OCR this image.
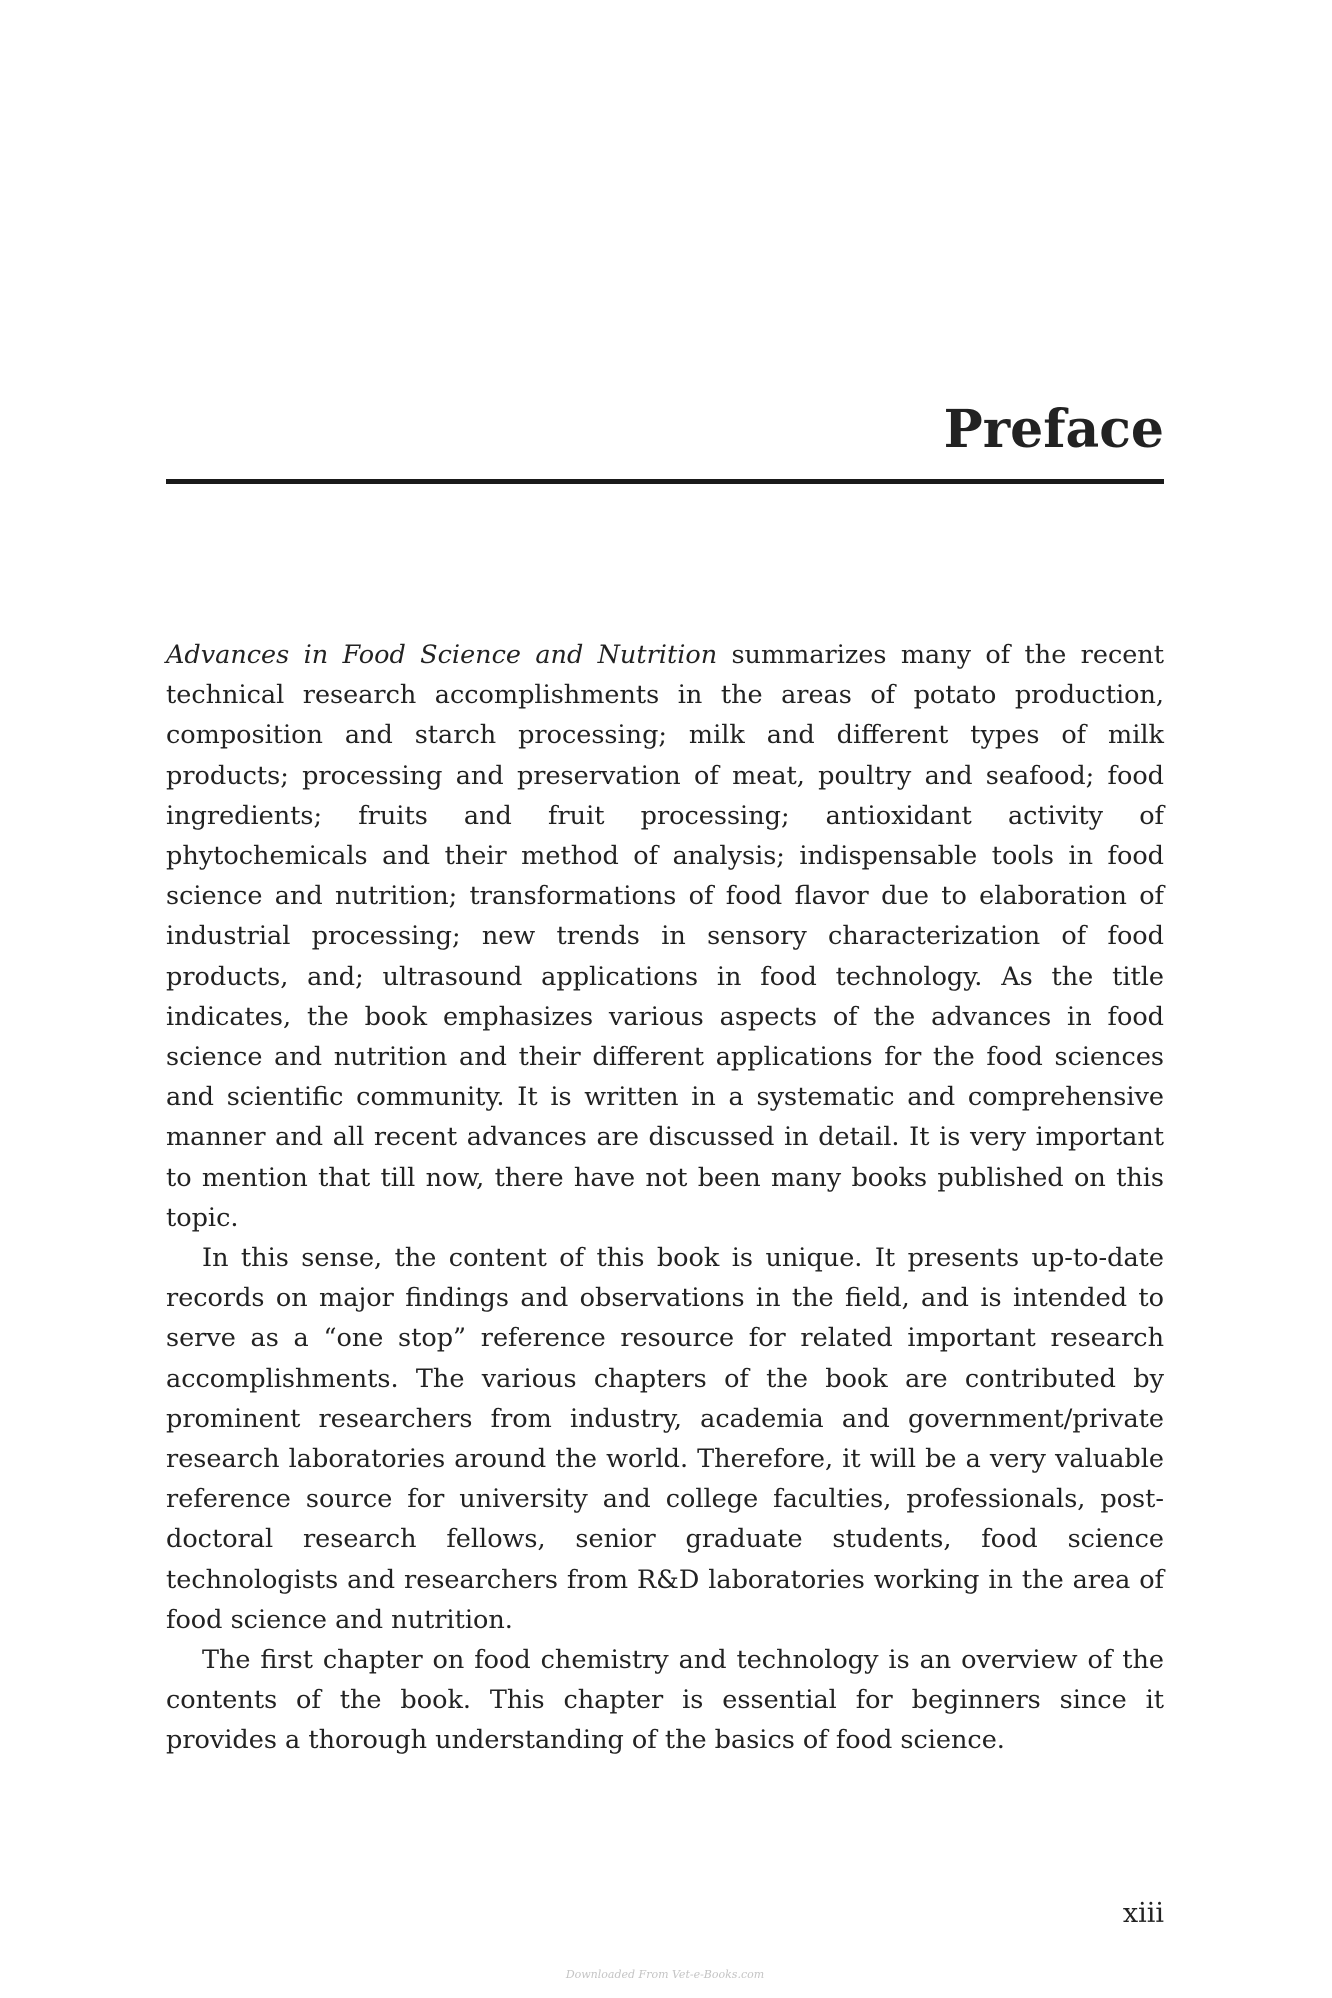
Preface

Advances in Food Science and Nutrition summarizes many of the recent technical research accomplishments in the areas of potato production, composition and starch processing; milk and different types of milk products; processing and preservation of meat, poultry and seafood; food ingredients; fruits and fruit processing; antioxidant activity of phytochemicals and their method of analysis; indispensable tools in food science and nutrition; transformations of food flavor due to elaboration of industrial processing; new trends in sensory characterization of food products, and; ultrasound applications in food technology. As the title indicates, the book emphasizes various aspects of the advances in food science and nutrition and their different applications for the food sciences and scientific community. It is written in a systematic and comprehensive manner and all recent advances are discussed in detail. It is very important to mention that till now, there have not been many books published on this topic.

In this sense, the content of this book is unique. It presents up-to-date records on major findings and observations in the field, and is intended to serve as a “one stop” reference resource for related important research accomplishments. The various chapters of the book are contributed by prominent researchers from industry, academia and government/private research laboratories around the world. Therefore, it will be a very valuable reference source for university and college faculties, professionals, post-doctoral research fellows, senior graduate students, food science technologists and researchers from R&D laboratories working in the area of food science and nutrition.

The first chapter on food chemistry and technology is an overview of the contents of the book. This chapter is essential for beginners since it provides a thorough understanding of the basics of food science.

xiii
Downloaded From Vet-e-Books.com
